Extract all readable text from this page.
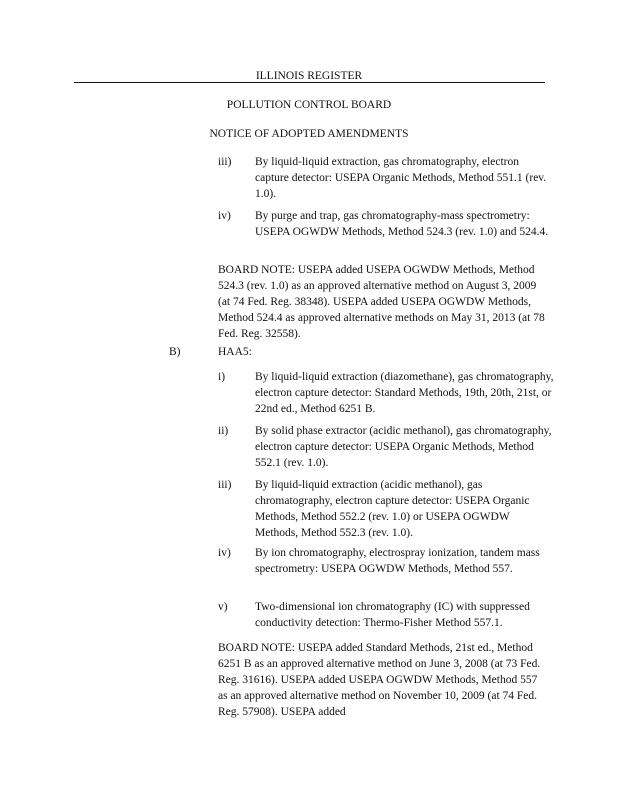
ILLINOIS REGISTER
POLLUTION CONTROL BOARD
NOTICE OF ADOPTED AMENDMENTS
iii) By liquid-liquid extraction, gas chromatography, electron capture detector: USEPA Organic Methods, Method 551.1 (rev. 1.0).
iv) By purge and trap, gas chromatography-mass spectrometry: USEPA OGWDW Methods, Method 524.3 (rev. 1.0) and 524.4.
BOARD NOTE: USEPA added USEPA OGWDW Methods, Method 524.3 (rev. 1.0) as an approved alternative method on August 3, 2009 (at 74 Fed. Reg. 38348). USEPA added USEPA OGWDW Methods, Method 524.4 as approved alternative methods on May 31, 2013 (at 78 Fed. Reg. 32558).
B)	HAA5:
i)	By liquid-liquid extraction (diazomethane), gas chromatography, electron capture detector: Standard Methods, 19th, 20th, 21st, or 22nd ed., Method 6251 B.
ii) By solid phase extractor (acidic methanol), gas chromatography, electron capture detector: USEPA Organic Methods, Method 552.1 (rev. 1.0).
iii) By liquid-liquid extraction (acidic methanol), gas chromatography, electron capture detector: USEPA Organic Methods, Method 552.2 (rev. 1.0) or USEPA OGWDW Methods, Method 552.3 (rev. 1.0).
iv) By ion chromatography, electrospray ionization, tandem mass spectrometry: USEPA OGWDW Methods, Method 557.
v) Two-dimensional ion chromatography (IC) with suppressed conductivity detection: Thermo-Fisher Method 557.1.
BOARD NOTE: USEPA added Standard Methods, 21st ed., Method 6251 B as an approved alternative method on June 3, 2008 (at 73 Fed. Reg. 31616). USEPA added USEPA OGWDW Methods, Method 557 as an approved alternative method on November 10, 2009 (at 74 Fed. Reg. 57908). USEPA added
